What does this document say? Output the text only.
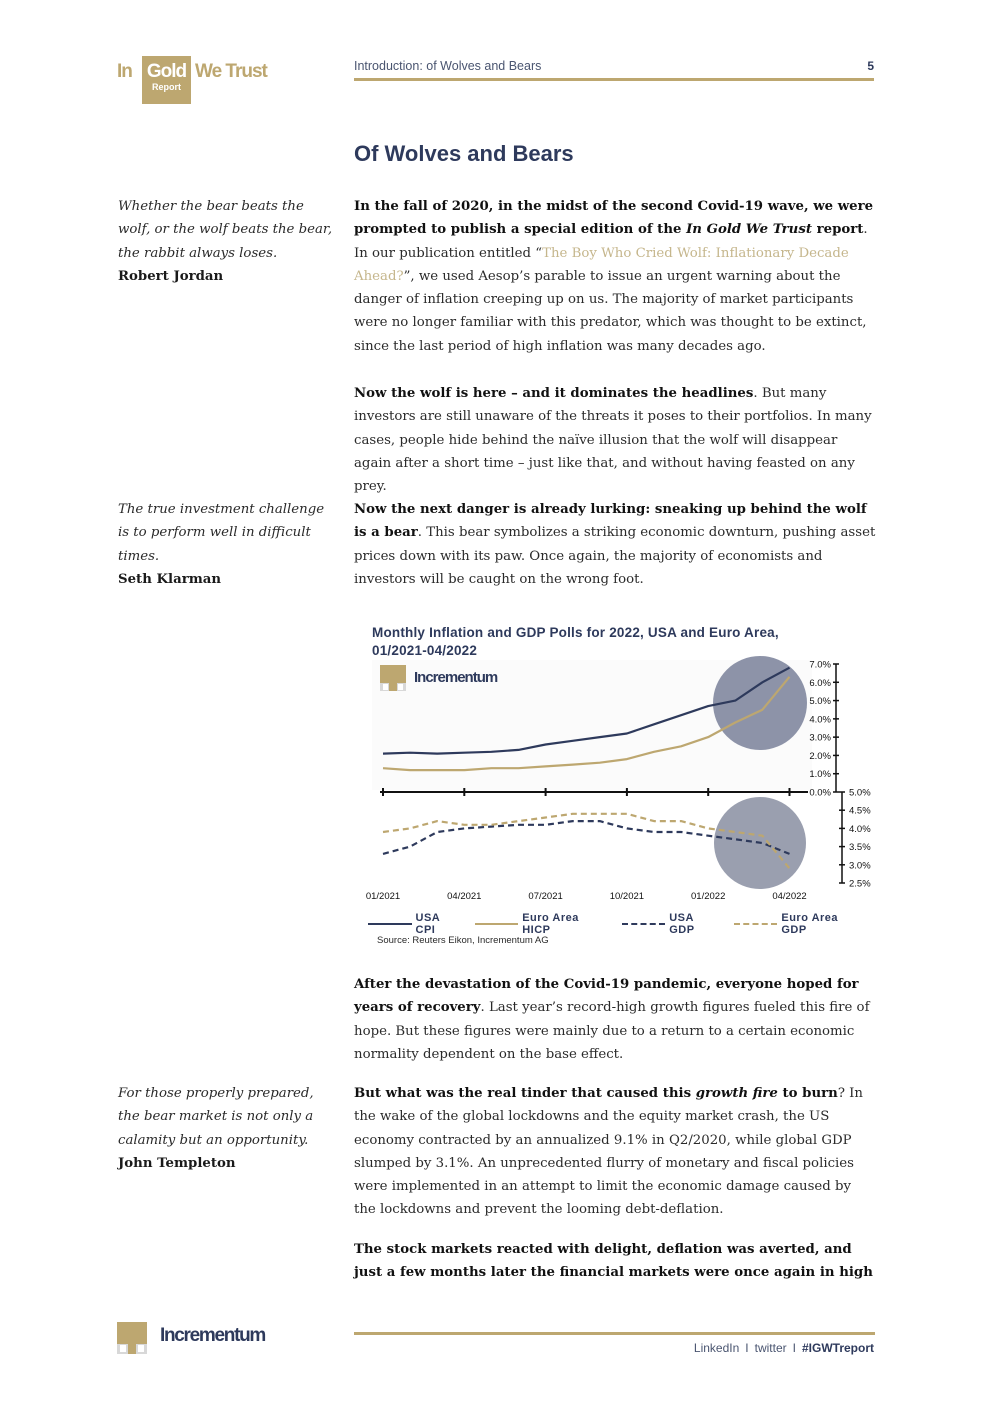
In Gold
Report
We Trust	Introduction: of Wolves and Bears	5
Of Wolves and Bears
Whether the bear beats the wolf, or the wolf beats the bear, the rabbit always loses.
Robert Jordan
In the fall of 2020, in the midst of the second Covid-19 wave, we were prompted to publish a special edition of the In Gold We Trust report. In our publication entitled “The Boy Who Cried Wolf: Inflationary Decade Ahead?”, we used Aesop’s parable to issue an urgent warning about the danger of inflation creeping up on us. The majority of market participants were no longer familiar with this predator, which was thought to be extinct, since the last period of high inflation was many decades ago.
Now the wolf is here – and it dominates the headlines. But many investors are still unaware of the threats it poses to their portfolios. In many cases, people hide behind the naïve illusion that the wolf will disappear again after a short time – just like that, and without having feasted on any prey.
The true investment challenge is to perform well in difficult times.
Seth Klarman
Now the next danger is already lurking: sneaking up behind the wolf is a bear. This bear symbolizes a striking economic downturn, pushing asset prices down with its paw. Once again, the majority of economists and investors will be caught on the wrong foot.
Monthly Inflation and GDP Polls for 2022, USA and Euro Area, 01/2021-04/2022
0.0%
1.0%
2.0%
3.0%
4.0%
5.0%
6.0%
7.0%
2.5%
3.0%
3.5%
4.0%
4.5%
5.0%
01/2021	04/2021	07/2021	10/2021	01/2022	04/2022
Incrementum
USA CPI
Euro Area HICP
USA GDP
Euro Area GDP
Source: Reuters Eikon, Incrementum AG
After the devastation of the Covid-19 pandemic, everyone hoped for years of recovery. Last year’s record-high growth figures fueled this fire of hope. But these figures were mainly due to a return to a certain economic normality dependent on the base effect.
For those properly prepared, the bear market is not only a calamity but an opportunity.
John Templeton
But what was the real tinder that caused this growth fire to burn? In the wake of the global lockdowns and the equity market crash, the US economy contracted by an annualized 9.1% in Q2/2020, while global GDP slumped by 3.1%. An unprecedented flurry of monetary and fiscal policies were implemented in an attempt to limit the economic damage caused by the lockdowns and prevent the looming debt-deflation.
The stock markets reacted with delight, deflation was averted, and just a few months later the financial markets were once again in high
Incrementum
LinkedIn I twitter I #IGWTreport
